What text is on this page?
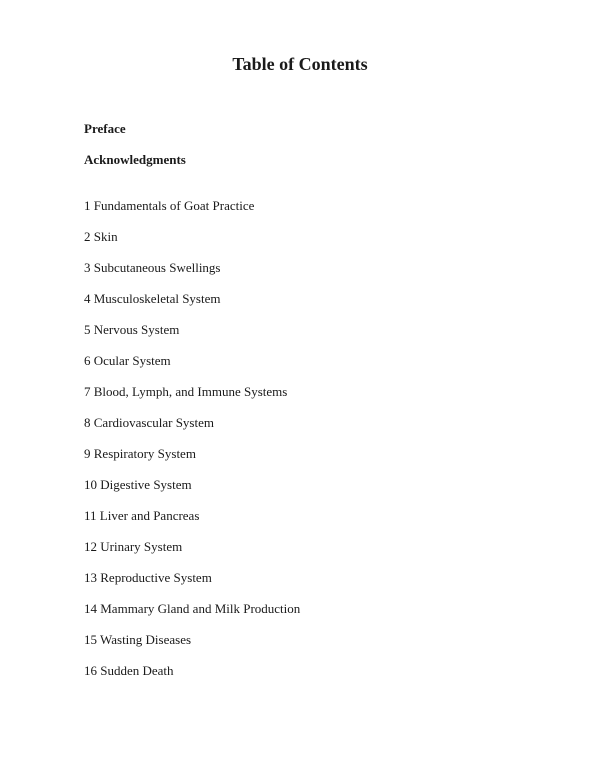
Table of Contents
Preface
Acknowledgments
1 Fundamentals of Goat Practice
2 Skin
3 Subcutaneous Swellings
4 Musculoskeletal System
5 Nervous System
6 Ocular System
7 Blood, Lymph, and Immune Systems
8 Cardiovascular System
9 Respiratory System
10 Digestive System
11 Liver and Pancreas
12 Urinary System
13 Reproductive System
14 Mammary Gland and Milk Production
15 Wasting Diseases
16 Sudden Death
